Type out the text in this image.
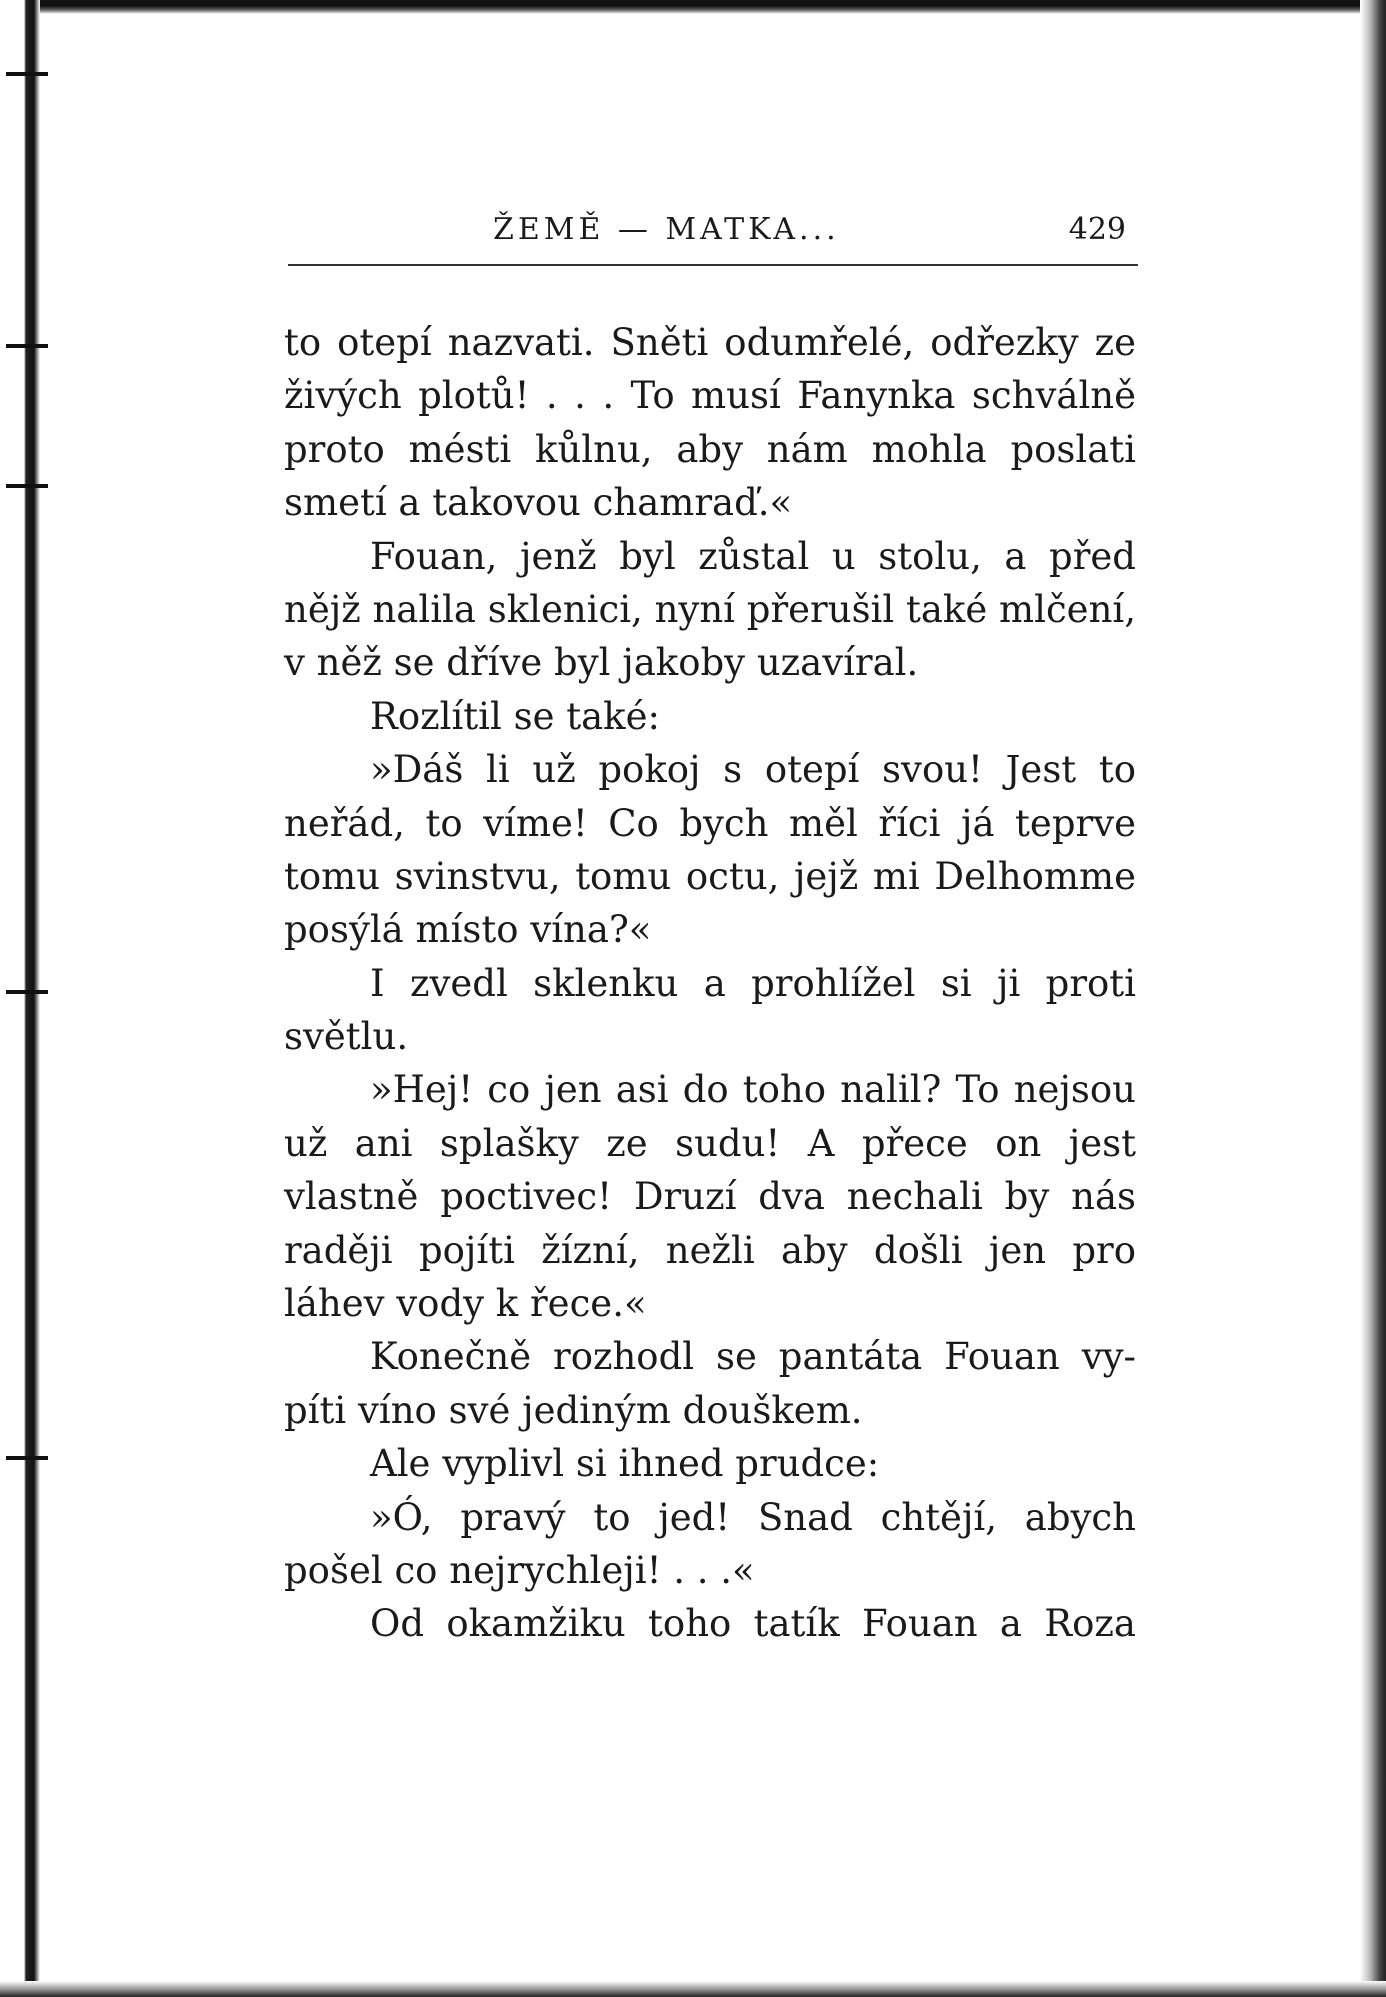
ŽEMĚ — MATKA...	429
to otepí nazvati. Sněti odumřelé, odřezky ze
živých plotů! . . . To musí Fanynka schválně
proto mésti kůlnu, aby nám mohla poslati
smetí a takovou chamraď.«
Fouan, jenž byl zůstal u stolu, a před
nějž nalila sklenici, nyní přerušil také mlčení,
v něž se dříve byl jakoby uzavíral.
Rozlítil se také:
»Dáš li už pokoj s otepí svou! Jest to
neřád, to víme! Co bych měl říci já teprve
tomu svinstvu, tomu octu, jejž mi Delhomme
posýlá místo vína?«
I zvedl sklenku a prohlížel si ji proti
světlu.
»Hej! co jen asi do toho nalil? To nejsou
už ani splašky ze sudu! A přece on jest
vlastně poctivec! Druzí dva nechali by nás
raději pojíti žízní, nežli aby došli jen pro
láhev vody k řece.«
Konečně rozhodl se pantáta Fouan vy-
píti víno své jediným douškem.
Ale vyplivl si ihned prudce:
»Ó, pravý to jed! Snad chtějí, abych
pošel co nejrychleji! . . .«
Od okamžiku toho tatík Fouan a Roza
